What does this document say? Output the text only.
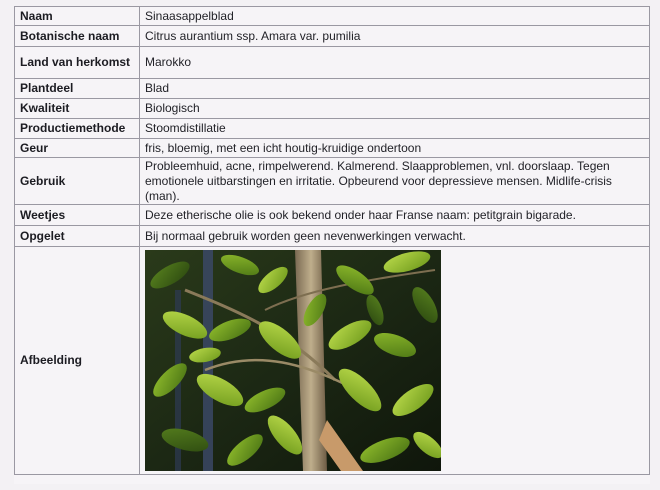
Naam	Sinaasappelblad
Botanische naam	Citrus aurantium ssp. Amara var. pumilia
Land van herkomst	Marokko
Plantdeel	Blad
Kwaliteit	Biologisch
Productiemethode	Stoomdistillatie
Geur	fris, bloemig, met een icht houtig-kruidige ondertoon
Gebruik	Probleemhuid, acne, rimpelwerend. Kalmerend. Slaapproblemen, vnl. doorslaap. Tegen emotionele uitbarstingen en irritatie. Opbeurend voor depressieve mensen. Midlife-crisis (man).
Weetjes	Deze etherische olie is ook bekend onder haar Franse naam: petitgrain bigarade.
Opgelet	Bij normaal gebruik worden geen nevenwerkingen verwacht.
Afbeelding	
